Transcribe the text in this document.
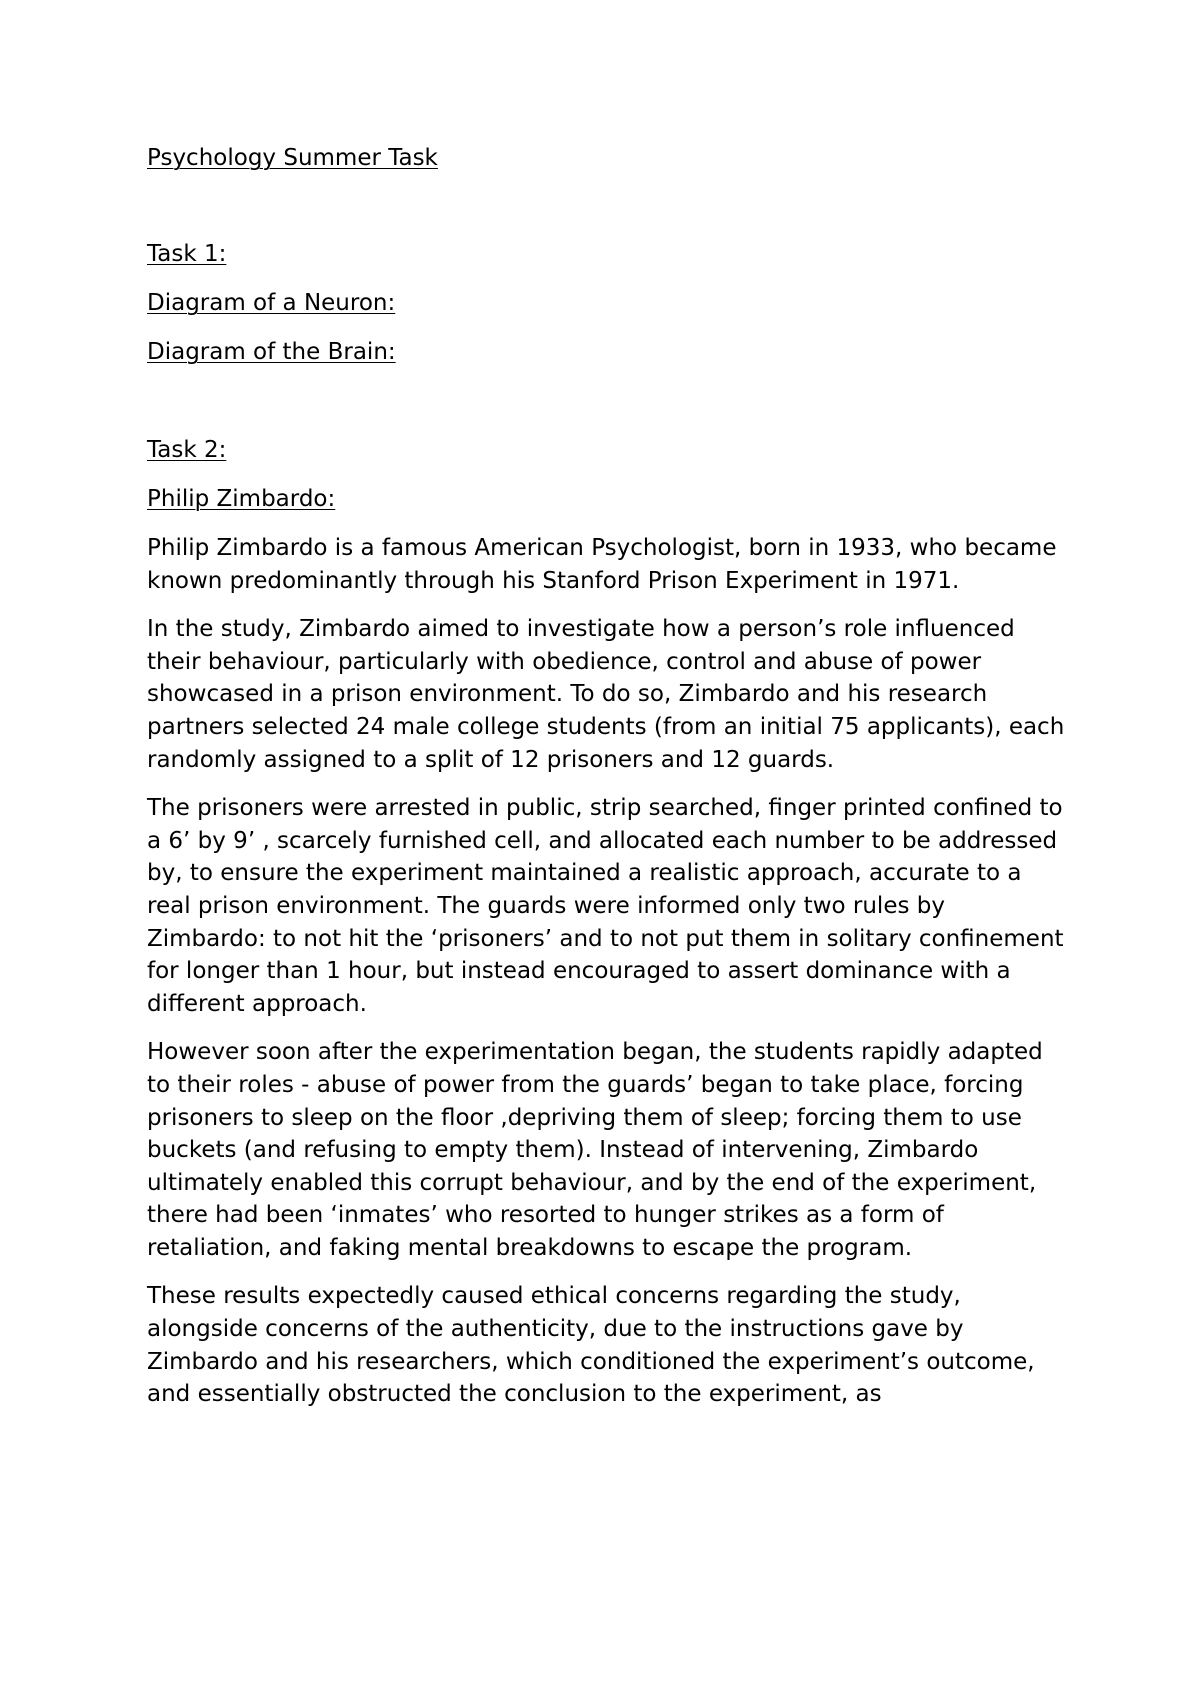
Psychology Summer Task

Task 1:

Diagram of a Neuron:

Diagram of the Brain:

Task 2:

Philip Zimbardo:

Philip Zimbardo is a famous American Psychologist, born in 1933, who became known predominantly through his Stanford Prison Experiment in 1971.

In the study, Zimbardo aimed to investigate how a person’s role influenced their behaviour, particularly with obedience, control and abuse of power showcased in a prison environment. To do so, Zimbardo and his research partners selected 24 male college students (from an initial 75 applicants), each randomly assigned to a split of 12 prisoners and 12 guards.

The prisoners were arrested in public, strip searched, finger printed confined to a 6’ by 9’ , scarcely furnished cell, and allocated each number to be addressed by, to ensure the experiment maintained a realistic approach, accurate to a real prison environment. The guards were informed only two rules by Zimbardo: to not hit the ‘prisoners’ and to not put them in solitary confinement for longer than 1 hour, but instead encouraged to assert dominance with a different approach.

However soon after the experimentation began, the students rapidly adapted to their roles - abuse of power from the guards’ began to take place, forcing prisoners to sleep on the floor ,depriving them of sleep; forcing them to use buckets (and refusing to empty them). Instead of intervening, Zimbardo ultimately enabled this corrupt behaviour, and by the end of the experiment, there had been ‘inmates’ who resorted to hunger strikes as a form of retaliation, and faking mental breakdowns to escape the program.

These results expectedly caused ethical concerns regarding the study, alongside concerns of the authenticity, due to the instructions gave by Zimbardo and his researchers, which conditioned the experiment’s outcome, and essentially obstructed the conclusion to the experiment, as
